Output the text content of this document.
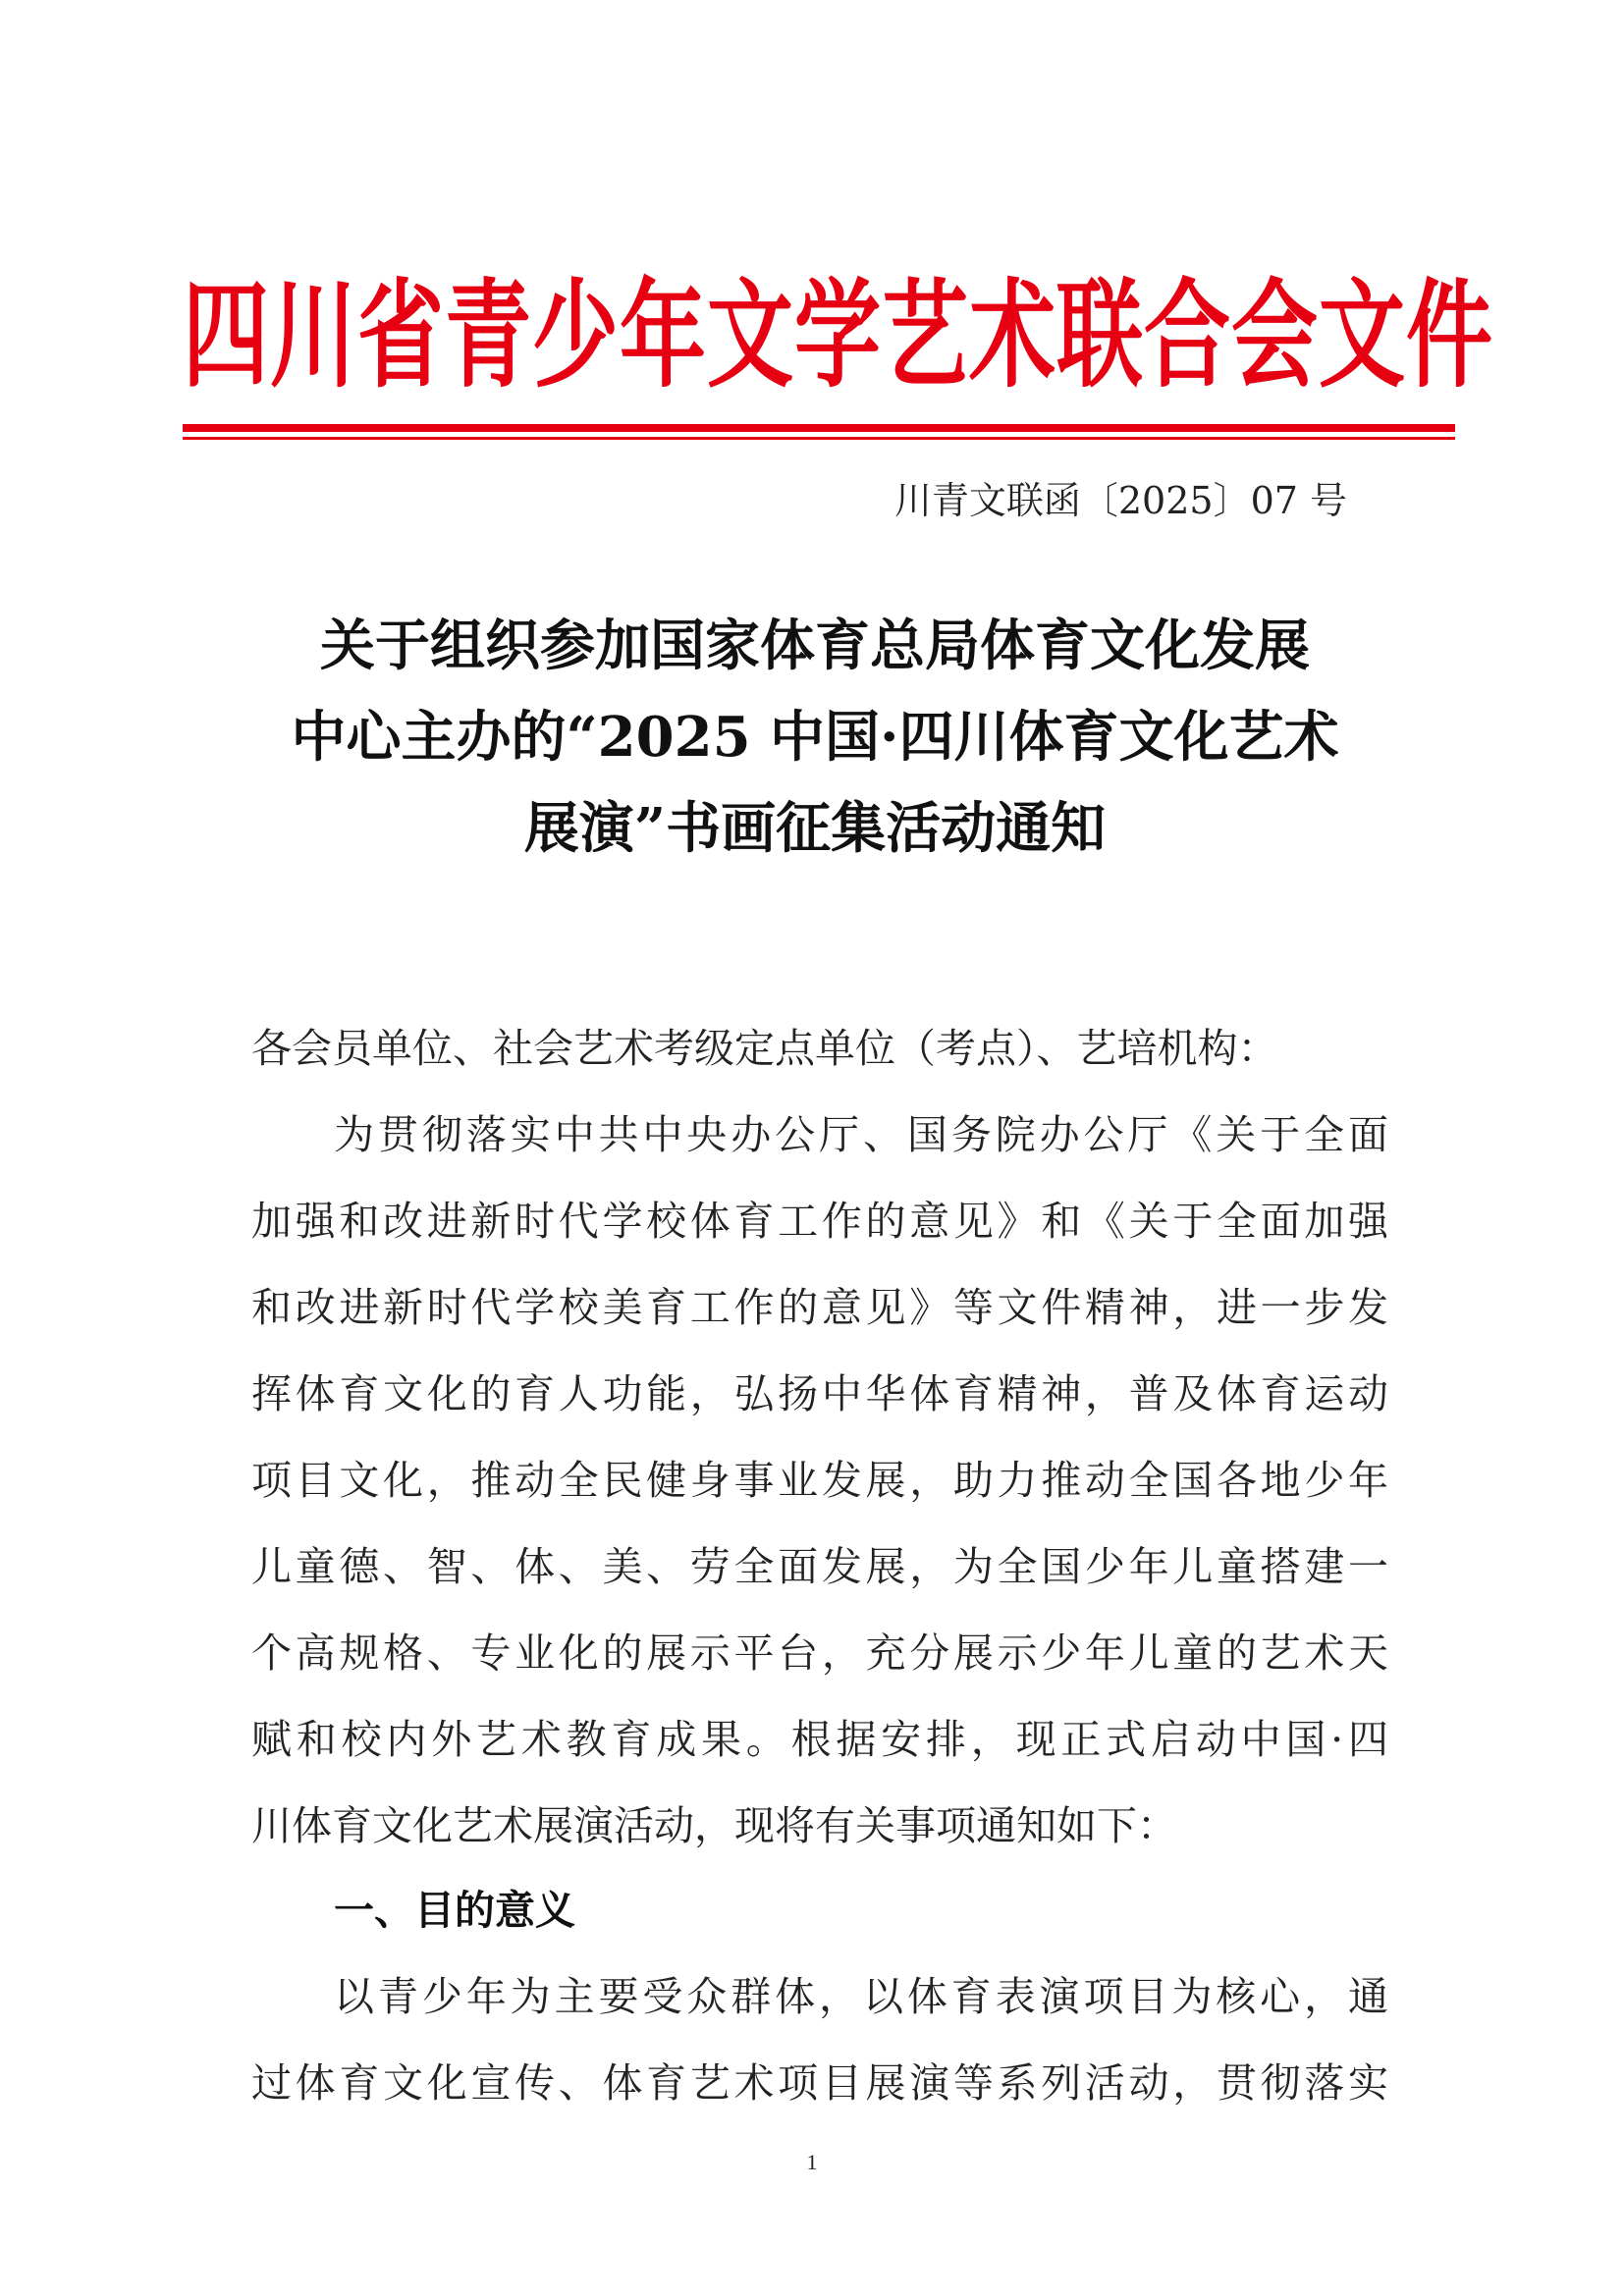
四川省青少年文学艺术联合会文件
川青文联函〔2025〕07 号
关于组织参加国家体育总局体育文化发展
中心主办的“2025 中国·四川体育文化艺术
展演”书画征集活动通知
各会员单位、社会艺术考级定点单位（考点）、艺培机构：
为贯彻落实中共中央办公厅、国务院办公厅《关于全面
加强和改进新时代学校体育工作的意见》和《关于全面加强
和改进新时代学校美育工作的意见》等文件精神，进一步发
挥体育文化的育人功能，弘扬中华体育精神，普及体育运动
项目文化，推动全民健身事业发展，助力推动全国各地少年
儿童德、智、体、美、劳全面发展，为全国少年儿童搭建一
个高规格、专业化的展示平台，充分展示少年儿童的艺术天
赋和校内外艺术教育成果。根据安排，现正式启动中国·四
川体育文化艺术展演活动，现将有关事项通知如下：
一、目的意义
以青少年为主要受众群体，以体育表演项目为核心，通
过体育文化宣传、体育艺术项目展演等系列活动，贯彻落实
1
